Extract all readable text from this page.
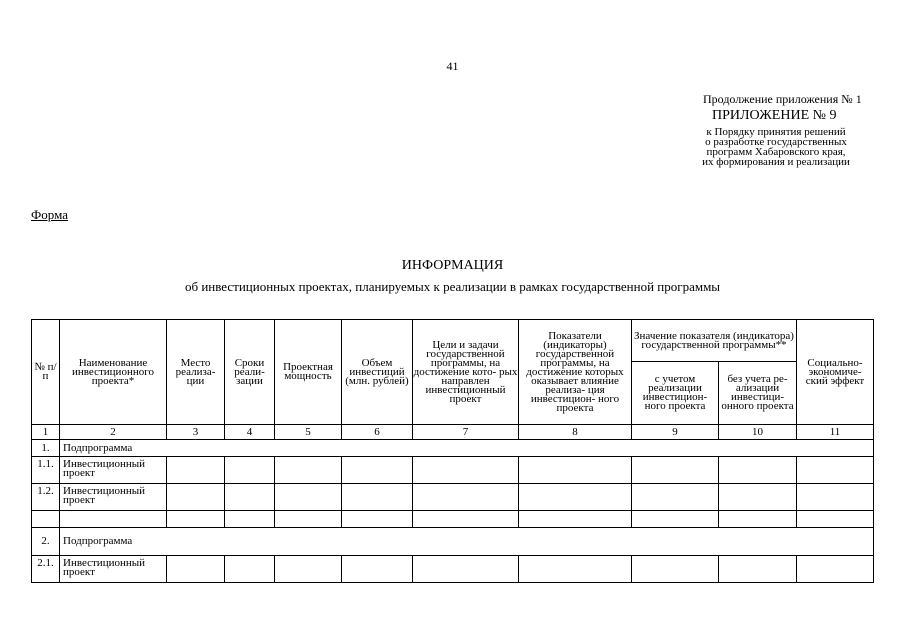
41
Продолжение приложения № 1
ПРИЛОЖЕНИЕ № 9
к Порядку принятия решений
о разработке государственных
программ Хабаровского края,
их формирования и реализации
Форма
ИНФОРМАЦИЯ
об инвестиционных проектах, планируемых к реализации в рамках государственной программы
№ п/п	Наименование инвестиционного проекта*	Место реализа- ции	Сроки реали- зации	Проектная мощность	Объем инвестиций (млн. рублей)	Цели и задачи государственной программы, на достижение кото- рых направлен инвестиционный проект	Показатели (индикаторы) государственной программы, на достижение которых оказывает влияние реализа- ция инвестицион- ного проекта	Значение показателя (индикатора) государственной программы**		Социально- экономиче- ский эффект
								с учетом реализации инвестицион- ного проекта	без учета ре- ализации инвестици- онного проекта	
1	2	3	4	5	6	7	8	9	10	11
1.	Подпрограмма									
1.1.	Инвестиционный проект									
1.2.	Инвестиционный проект									

2.	Подпрограмма									
2.1.	Инвестиционный проект									
